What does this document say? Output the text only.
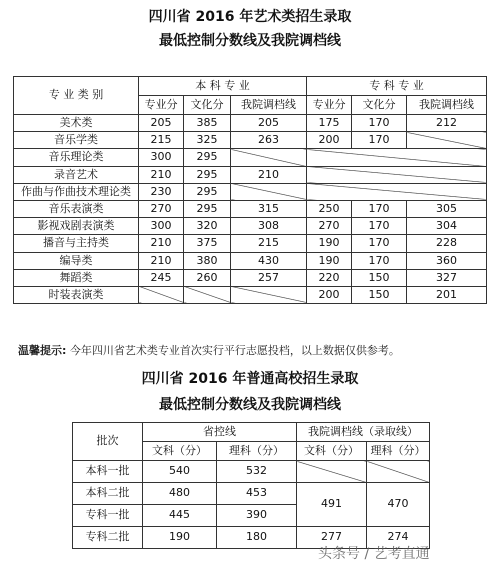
四川省 2016 年艺术类招生录取
最低控制分数线及我院调档线
专 业 类 别	本 科 专 业			专 科 专 业		
	专业分	文化分	我院调档线	专业分	文化分	我院调档线
美术类	205	385	205	175	170	212
音乐学类	215	325	263	200	170	
音乐理论类	300	295				
录音艺术	210	295	210			
作曲与作曲技术理论类	230	295				
音乐表演类	270	295	315	250	170	305
影视戏剧表演类	300	320	308	270	170	304
播音与主持类	210	375	215	190	170	228
编导类	210	380	430	190	170	360
舞蹈类	245	260	257	220	150	327
时装表演类				200	150	201
温馨提示: 今年四川省艺术类专业首次实行平行志愿投档，以上数据仅供参考。
四川省 2016 年普通高校招生录取
最低控制分数线及我院调档线
批次	省控线		我院调档线（录取线）	
	文科（分）	理科（分）	文科（分）	理科（分）
本科一批	540	532		
本科二批	480	453	491	470
专科一批	445	390		
专科二批	190	180	277	274
头条号 / 艺考直通
